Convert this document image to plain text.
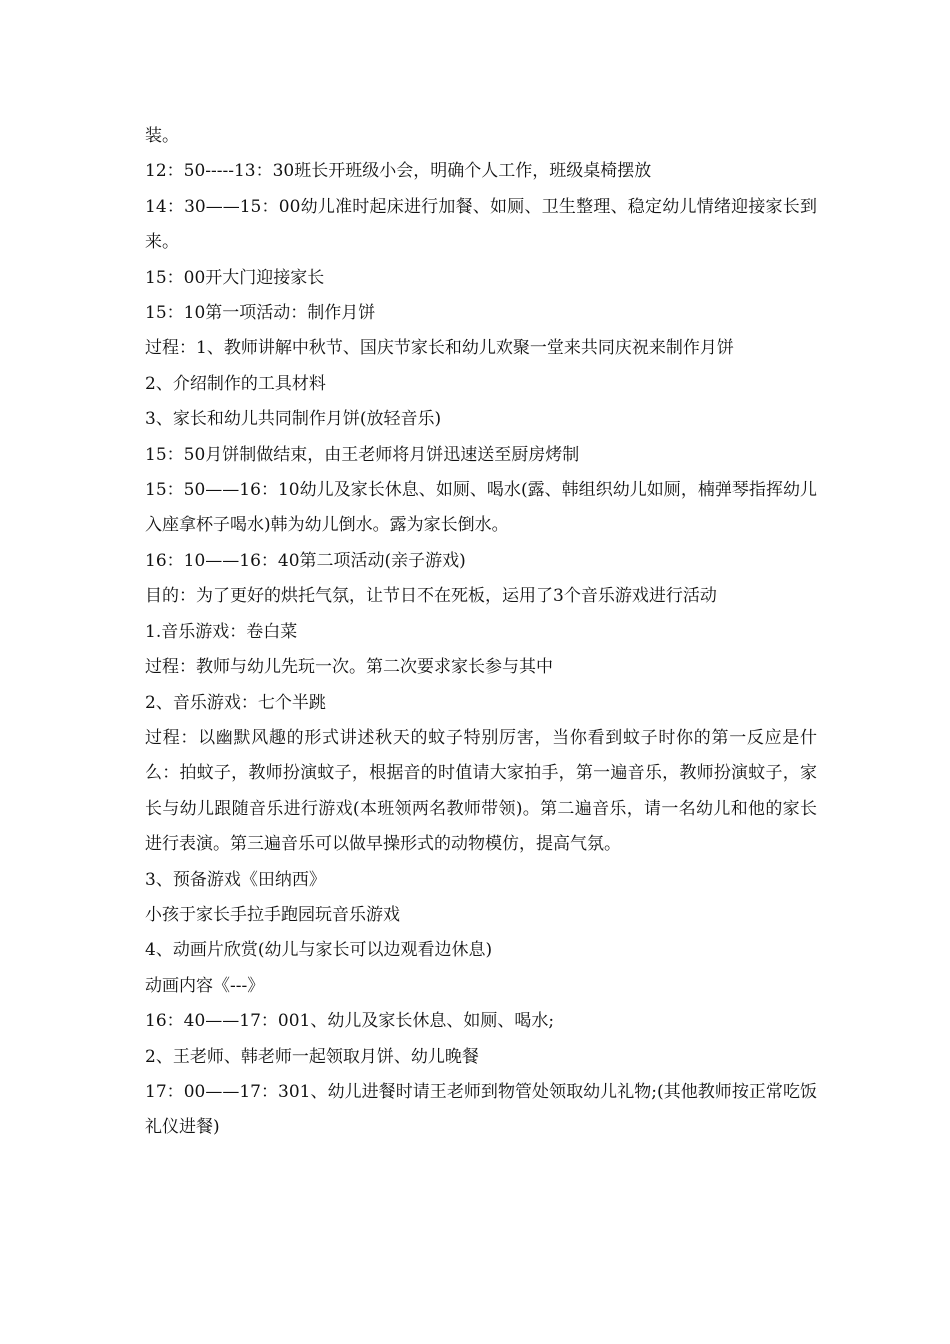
装。

12：50-----13：30班长开班级小会，明确个人工作，班级桌椅摆放

14：30——15：00幼儿准时起床进行加餐、如厕、卫生整理、稳定幼儿情绪迎接家长到来。

15：00开大门迎接家长

15：10第一项活动：制作月饼

过程：1、教师讲解中秋节、国庆节家长和幼儿欢聚一堂来共同庆祝来制作月饼

2、介绍制作的工具材料

3、家长和幼儿共同制作月饼(放轻音乐)

15：50月饼制做结束，由王老师将月饼迅速送至厨房烤制

15：50——16：10幼儿及家长休息、如厕、喝水(露、韩组织幼儿如厕，楠弹琴指挥幼儿入座拿杯子喝水)韩为幼儿倒水。露为家长倒水。

16：10——16：40第二项活动(亲子游戏)

目的：为了更好的烘托气氛，让节日不在死板，运用了3个音乐游戏进行活动

1.音乐游戏：卷白菜

过程：教师与幼儿先玩一次。第二次要求家长参与其中

2、音乐游戏：七个半跳

过程：以幽默风趣的形式讲述秋天的蚊子特别厉害，当你看到蚊子时你的第一反应是什么：拍蚊子，教师扮演蚊子，根据音的时值请大家拍手，第一遍音乐，教师扮演蚊子，家长与幼儿跟随音乐进行游戏(本班领两名教师带领)。第二遍音乐，请一名幼儿和他的家长进行表演。第三遍音乐可以做早操形式的动物模仿，提高气氛。

3、预备游戏《田纳西》

小孩于家长手拉手跑园玩音乐游戏

4、动画片欣赏(幼儿与家长可以边观看边休息)

动画内容《---》

16：40——17：001、幼儿及家长休息、如厕、喝水;

2、王老师、韩老师一起领取月饼、幼儿晚餐

17：00——17：301、幼儿进餐时请王老师到物管处领取幼儿礼物;(其他教师按正常吃饭礼仪进餐)
